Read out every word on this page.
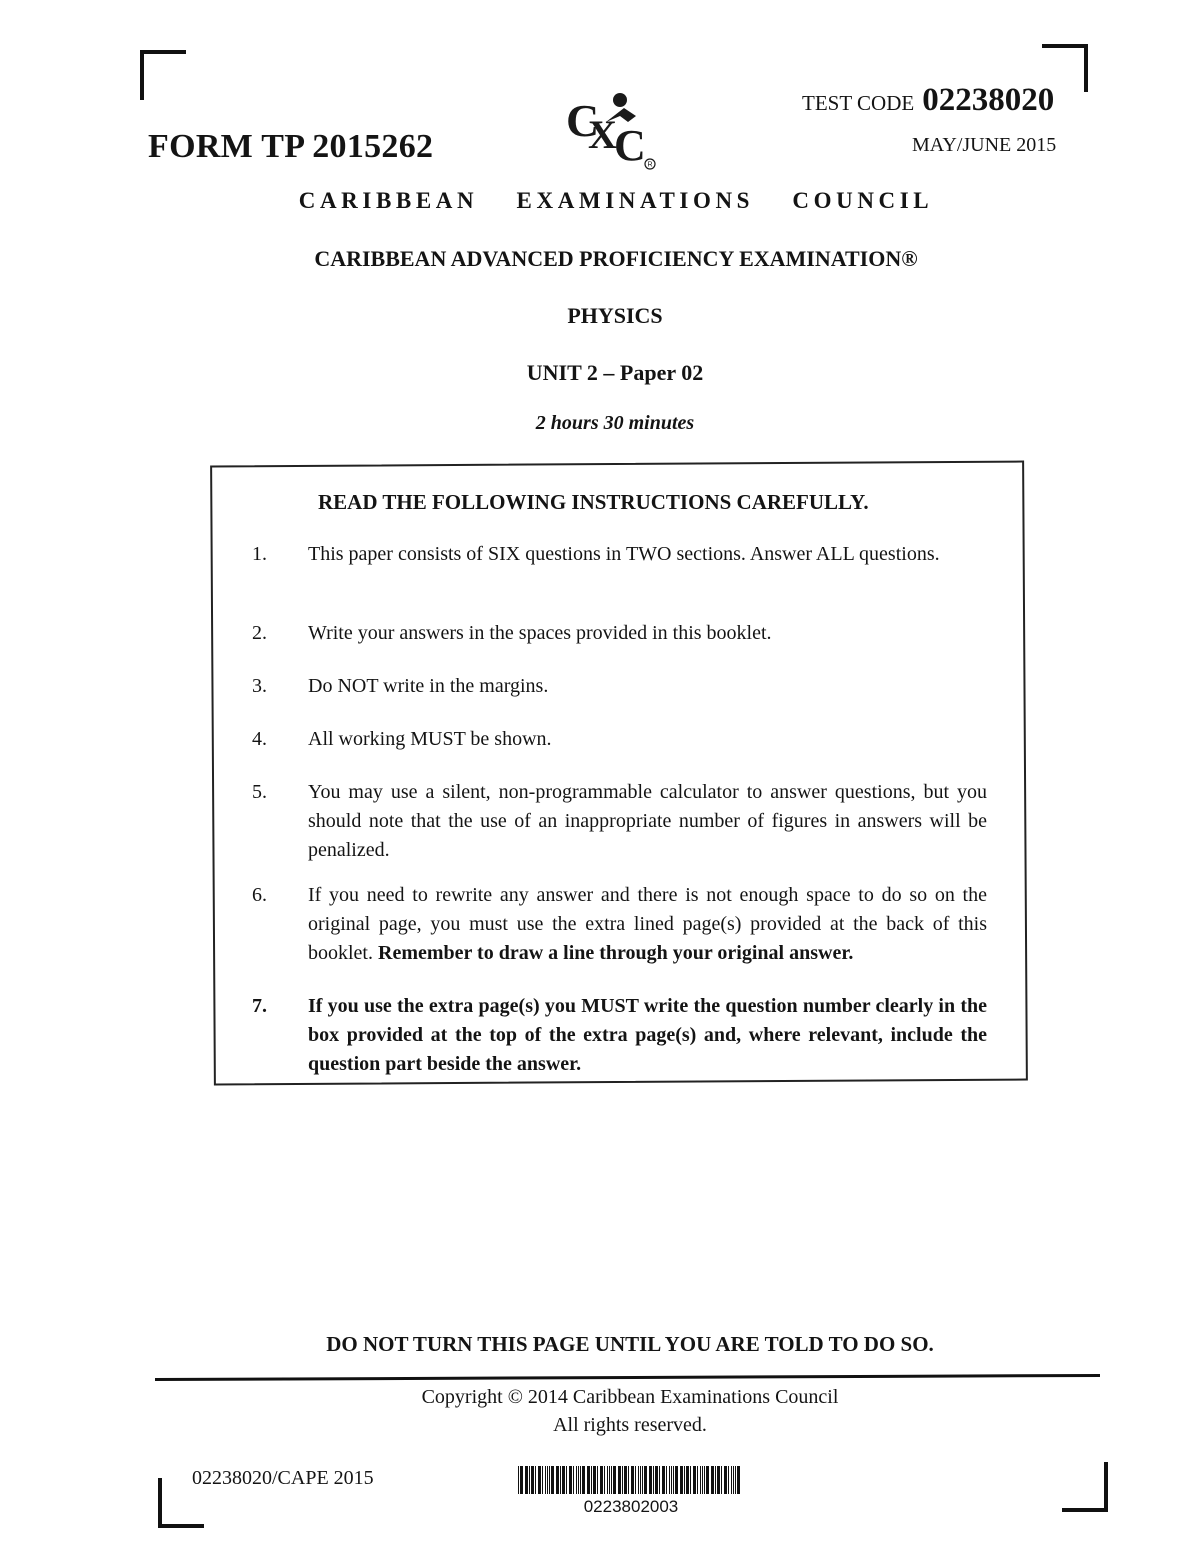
FORM TP 2015262
C
X
C R
TEST CODE 02238020
MAY/JUNE 2015
CARIBBEAN EXAMINATIONS COUNCIL
CARIBBEAN ADVANCED PROFICIENCY EXAMINATION®
PHYSICS
UNIT 2 – Paper 02
2 hours 30 minutes
READ THE FOLLOWING INSTRUCTIONS CAREFULLY.
1. This paper consists of SIX questions in TWO sections. Answer ALL questions.
2. Write your answers in the spaces provided in this booklet.
3. Do NOT write in the margins.
4. All working MUST be shown.
5. You may use a silent, non-programmable calculator to answer questions, but you should note that the use of an inappropriate number of figures in answers will be penalized.
6. If you need to rewrite any answer and there is not enough space to do so on the original page, you must use the extra lined page(s) provided at the back of this booklet. Remember to draw a line through your original answer.
7. If you use the extra page(s) you MUST write the question number clearly in the box provided at the top of the extra page(s) and, where relevant, include the question part beside the answer.
DO NOT TURN THIS PAGE UNTIL YOU ARE TOLD TO DO SO.
Copyright © 2014 Caribbean Examinations Council
All rights reserved.
02238020/CAPE 2015
0223802003
